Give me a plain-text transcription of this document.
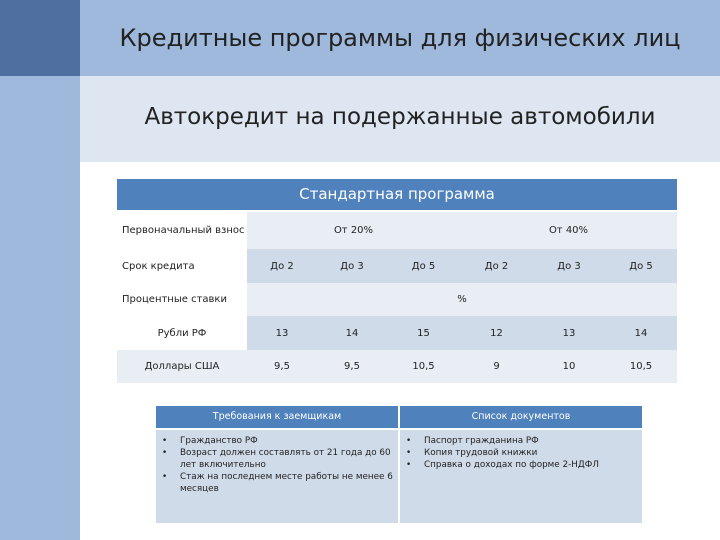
Кредитные программы для физических лиц
Автокредит на подержанные автомобили
Стандартная программа
Первоначальный взнос	От 20%	От 40%
Срок кредита	До 2	До 3	До 5	До 2	До 3	До 5
Процентные ставки	%
Рубли РФ	13	14	15	12	13	14
Доллары США	9,5	9,5	10,5	9	10	10,5
Требования к заемщикам
• Гражданство РФ
• Возраст должен составлять от 21 года до 60 лет включительно
• Стаж на последнем месте работы не менее 6 месяцев
Список документов
• Паспорт гражданина РФ
• Копия трудовой книжки
• Справка о доходах по форме 2-НДФЛ
